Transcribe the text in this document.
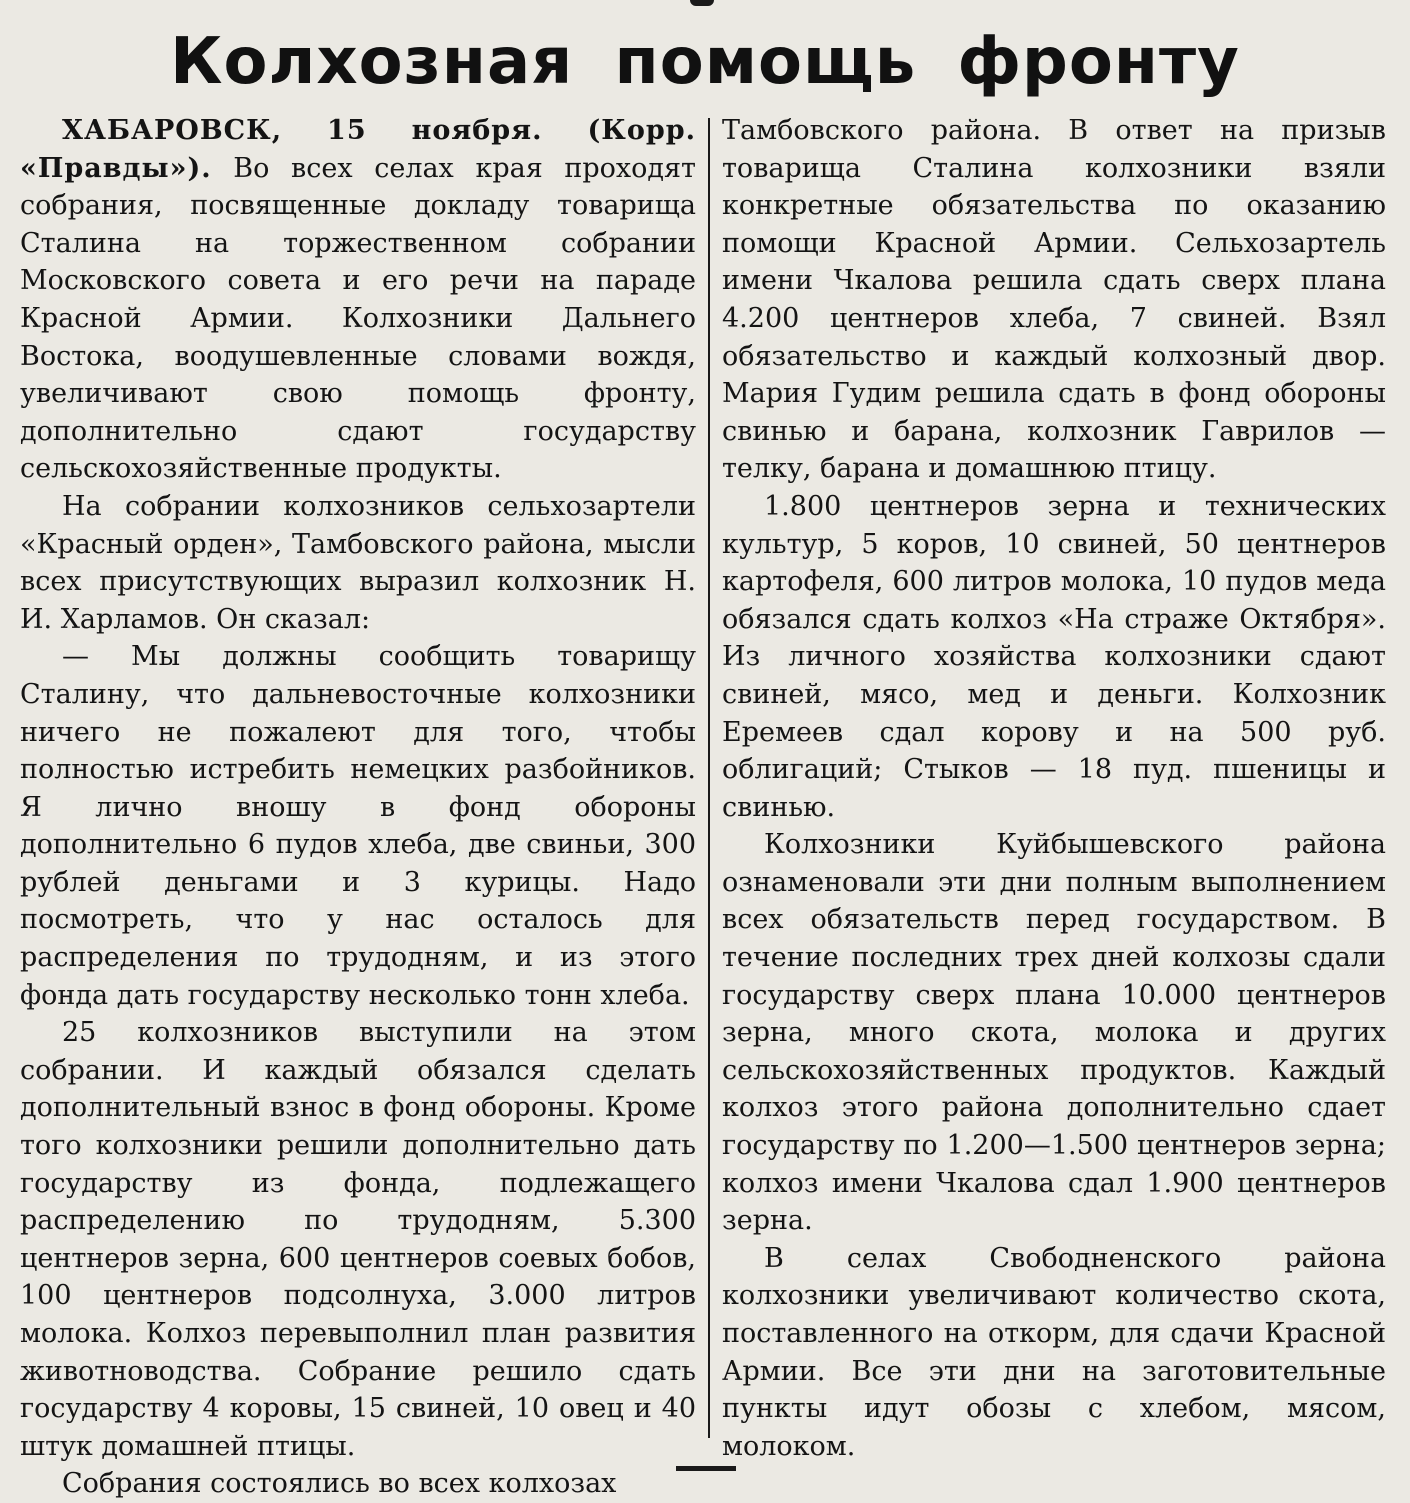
Колхозная помощь фронту

ХАБАРОВСК, 15 ноября. (Корр. «Правды»). Во всех селах края проходят собрания, посвященные докладу товарища Сталина на торжественном собрании Московского совета и его речи на параде Красной Армии. Колхозники Дальнего Востока, воодушевленные словами вождя, увеличивают свою помощь фронту, дополнительно сдают государству сельскохозяйственные продукты.

На собрании колхозников сельхозартели «Красный орден», Тамбовского района, мысли всех присутствующих выразил колхозник Н. И. Харламов. Он сказал:

— Мы должны сообщить товарищу Сталину, что дальневосточные колхозники ничего не пожалеют для того, чтобы полностью истребить немецких разбойников. Я лично вношу в фонд обороны дополнительно 6 пудов хлеба, две свиньи, 300 рублей деньгами и 3 курицы. Надо посмотреть, что у нас осталось для распределения по трудодням, и из этого фонда дать государству несколько тонн хлеба.

25 колхозников выступили на этом собрании. И каждый обязался сделать дополнительный взнос в фонд обороны. Кроме того колхозники решили дополнительно дать государству из фонда, подлежащего распределению по трудодням, 5.300 центнеров зерна, 600 центнеров соевых бобов, 100 центнеров подсолнуха, 3.000 литров молока. Колхоз перевыполнил план развития животноводства. Собрание решило сдать государству 4 коровы, 15 свиней, 10 овец и 40 штук домашней птицы.

Собрания состоялись во всех колхозах

Тамбовского района. В ответ на призыв товарища Сталина колхозники взяли конкретные обязательства по оказанию помощи Красной Армии. Сельхозартель имени Чкалова решила сдать сверх плана 4.200 центнеров хлеба, 7 свиней. Взял обязательство и каждый колхозный двор. Мария Гудим решила сдать в фонд обороны свинью и барана, колхозник Гаврилов — телку, барана и домашнюю птицу.

1.800 центнеров зерна и технических культур, 5 коров, 10 свиней, 50 центнеров картофеля, 600 литров молока, 10 пудов меда обязался сдать колхоз «На страже Октября». Из личного хозяйства колхозники сдают свиней, мясо, мед и деньги. Колхозник Еремеев сдал корову и на 500 руб. облигаций; Стыков — 18 пуд. пшеницы и свинью.

Колхозники Куйбышевского района ознаменовали эти дни полным выполнением всех обязательств перед государством. В течение последних трех дней колхозы сдали государству сверх плана 10.000 центнеров зерна, много скота, молока и других сельскохозяйственных продуктов. Каждый колхоз этого района дополнительно сдает государству по 1.200—1.500 центнеров зерна; колхоз имени Чкалова сдал 1.900 центнеров зерна.

В селах Свободненского района колхозники увеличивают количество скота, поставленного на откорм, для сдачи Красной Армии. Все эти дни на заготовительные пункты идут обозы с хлебом, мясом, молоком.
